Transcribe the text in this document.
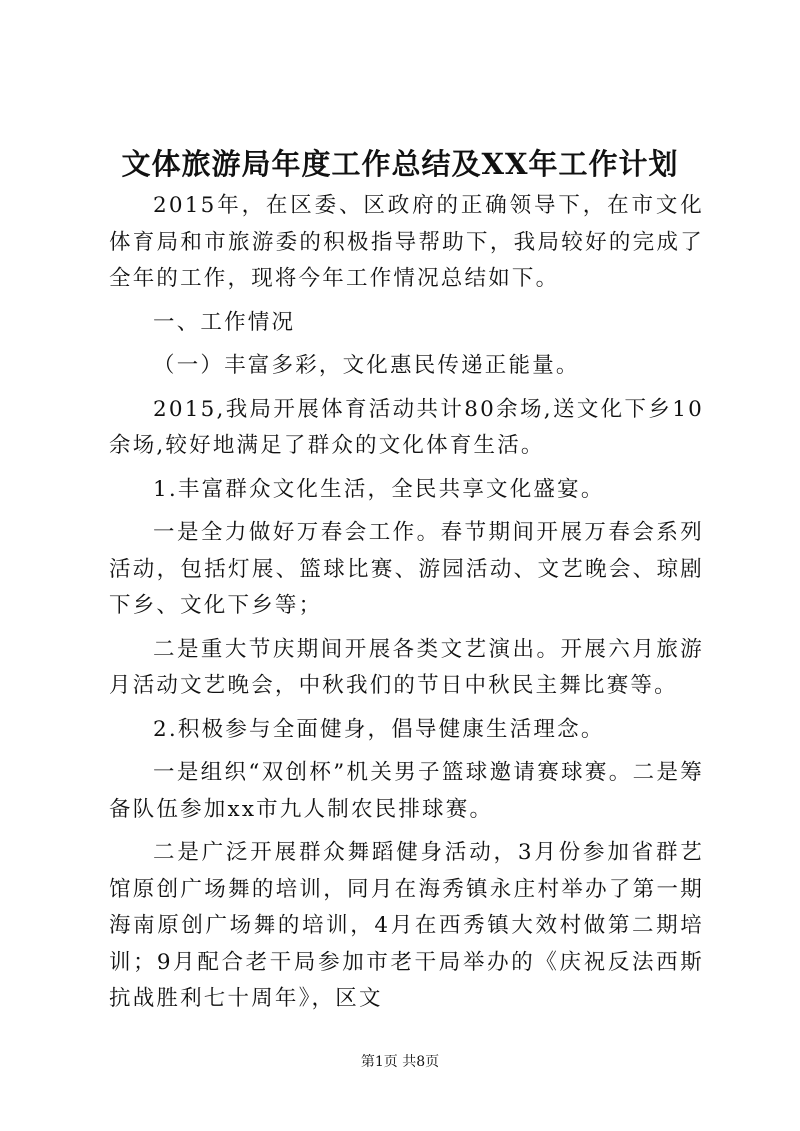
文体旅游局年度工作总结及XX年工作计划

2015年，在区委、区政府的正确领导下，在市文化体育局和市旅游委的积极指导帮助下，我局较好的完成了全年的工作，现将今年工作情况总结如下。

一、工作情况

（一）丰富多彩，文化惠民传递正能量。

2015,我局开展体育活动共计80余场,送文化下乡10余场,较好地满足了群众的文化体育生活。

1.丰富群众文化生活，全民共享文化盛宴。

一是全力做好万春会工作。春节期间开展万春会系列活动，包括灯展、篮球比赛、游园活动、文艺晚会、琼剧下乡、文化下乡等；

二是重大节庆期间开展各类文艺演出。开展六月旅游月活动文艺晚会，中秋我们的节日中秋民主舞比赛等。

2.积极参与全面健身，倡导健康生活理念。

一是组织“双创杯”机关男子篮球邀请赛球赛。二是筹备队伍参加xx市九人制农民排球赛。

二是广泛开展群众舞蹈健身活动，3月份参加省群艺馆原创广场舞的培训，同月在海秀镇永庄村举办了第一期海南原创广场舞的培训，4月在西秀镇大效村做第二期培训；9月配合老干局参加市老干局举办的《庆祝反法西斯抗战胜利七十周年》，区文

第1页 共8页
